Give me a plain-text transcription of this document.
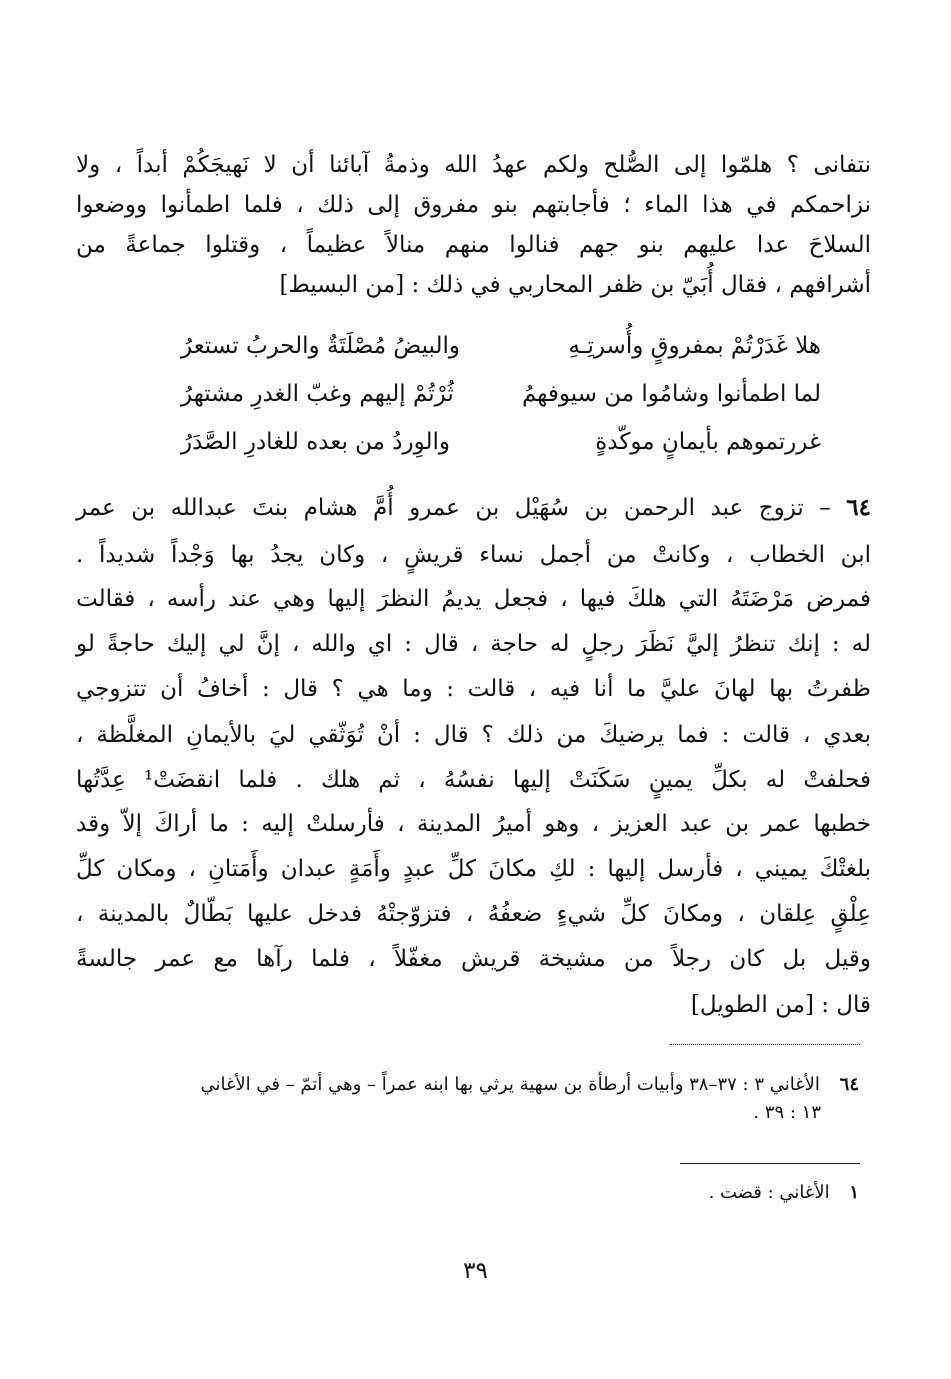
نتفانى ؟ هلمّوا إلى الصُّلح ولكم عهدُ الله وذمةُ آبائنا أن لا نَهيجَكُمْ أبداً ، ولا
نزاحمكم في هذا الماء ؛ فأجابتهم بنو مفروق إلى ذلك ، فلما اطمأنوا ووضعوا
السلاحَ عدا عليهم بنو جهم فنالوا منهم منالاً عظيماً ، وقتلوا جماعةً من
أشرافهم ، فقال أُبَيّ بن ظفر المحاربي في ذلك : [من البسيط]
هلا غَدَرْتُمْ بمفروقٍ وأُسرتِـهِ
والبيضُ مُصْلَتَةٌ والحربُ تستعرُ
لما اطمأنوا وشامُوا من سيوفهمُ
ثُرْتُمْ إليهم وغبّ الغدرِ مشتهرُ
غررتموهم بأيمانٍ موكّدةٍ
والوِردُ من بعده للغادرِ الصَّدَرُ
٦٤ – تزوج عبد الرحمن بن سُهَيْل بن عمرو أُمَّ هشام بنتَ عبدالله بن عمر
ابن الخطاب ، وكانتْ من أجمل نساء قريشٍ ، وكان يجدُ بها وَجْداً شديداً .
فمرض مَرْضَتَهُ التي هلكَ فيها ، فجعل يديمُ النظرَ إليها وهي عند رأسه ، فقالت
له : إنك تنظرُ إليَّ نَظَرَ رجلٍ له حاجة ، قال : اي والله ، إنَّ لي إليك حاجةً لو
ظفرتُ بها لهانَ عليَّ ما أنا فيه ، قالت : وما هي ؟ قال : أخافُ أن تتزوجي
بعدي ، قالت : فما يرضيكَ من ذلك ؟ قال : أنْ تُوَثّقي ليَ بالأيمانِ المغلَّظة ،
فحلفتْ له بكلِّ يمينٍ سَكَنَتْ إليها نفسُهُ ، ثم هلك . فلما انقضَتْ¹ عِدَّتُها
خطبها عمر بن عبد العزيز ، وهو أميرُ المدينة ، فأرسلتْ إليه : ما أراكَ إلاّ وقد
بلغتْكَ يميني ، فأرسل إليها : لكِ مكانَ كلِّ عبدٍ وأَمَةٍ عبدان وأَمَتانِ ، ومكان كلِّ
عِلْقٍ عِلقان ، ومكانَ كلِّ شيءٍ ضعفُهُ ، فتزوّجتْهُ فدخل عليها بَطّالٌ بالمدينة ،
وقيل بل كان رجلاً من مشيخة قريش مغفّلاً ، فلما رآها مع عمر جالسةً
قال : [من الطويل]
٦٤ الأغاني ٣ : ٣٧–٣٨ وأبيات أرطأة بن سهية يرثي بها ابنه عمراً – وهي أتمّ – في الأغاني
١٣ : ٣٩ .
١ الأغاني : قضت .
٣٩
